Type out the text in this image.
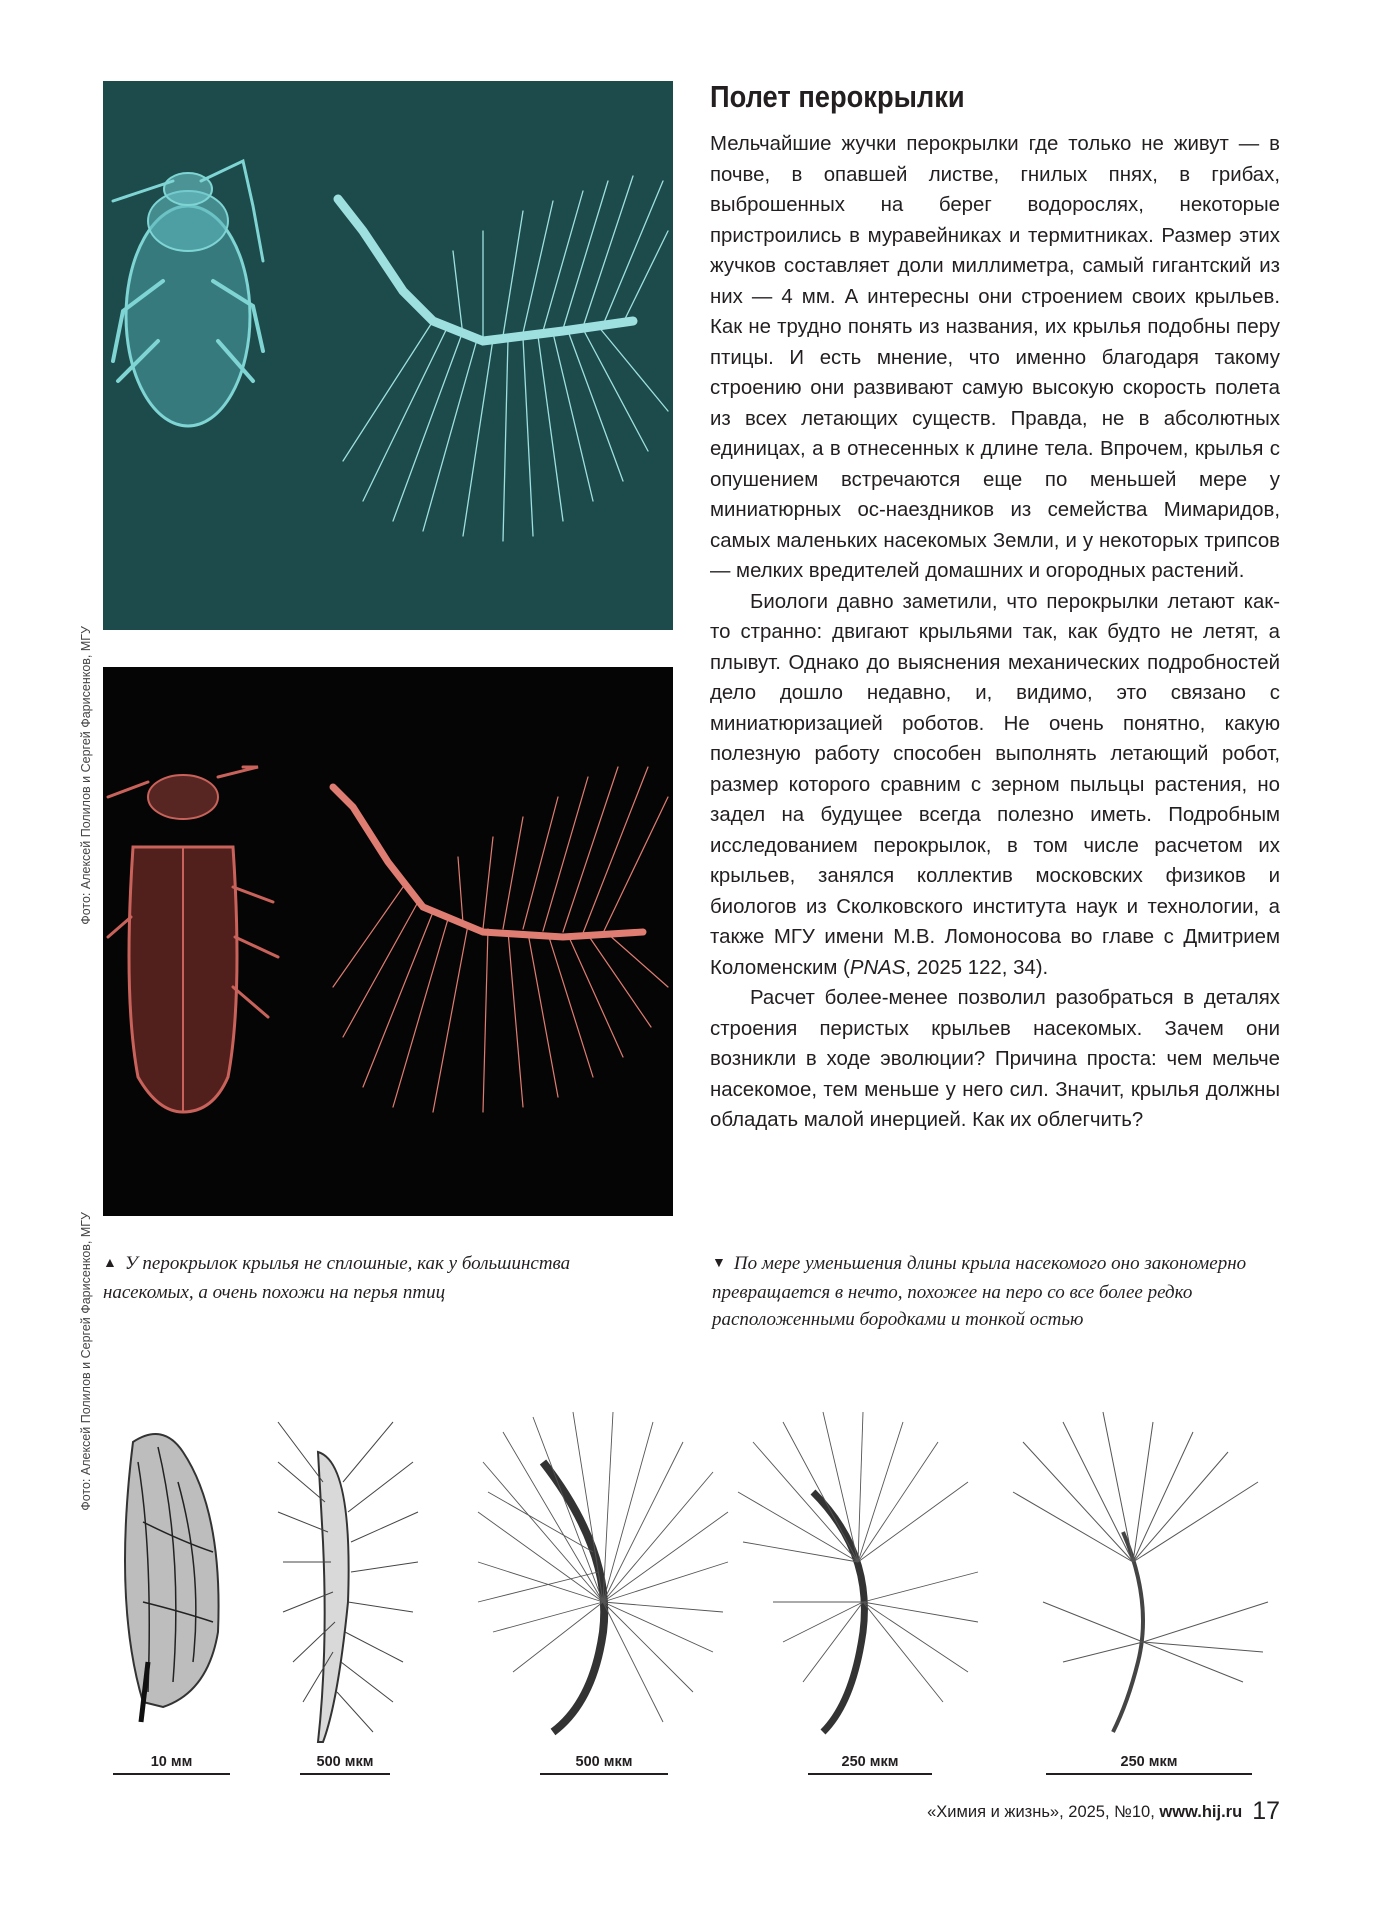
Фото: Алексей Полилов и Сергей Фарисенков, МГУ
Фото: Алексей Полилов и Сергей Фарисенков, МГУ
Полет перокрылки

Мельчайшие жучки перокрылки где только не живут — в почве, в опавшей листве, гнилых пнях, в грибах, выброшенных на берег водорослях, некоторые пристроились в муравейниках и термитниках. Размер этих жучков составляет доли миллиметра, самый гигантский из них — 4 мм. А интересны они строением своих крыльев. Как не трудно понять из названия, их крылья подобны перу птицы. И есть мнение, что именно благодаря такому строению они развивают самую высокую скорость полета из всех летающих существ. Правда, не в абсолютных единицах, а в отнесенных к длине тела. Впрочем, крылья с опушением встречаются еще по меньшей мере у миниатюрных ос-наездников из семейства Мимаридов, самых маленьких насекомых Земли, и у некоторых трипсов — мелких вредителей домашних и огородных растений.

Биологи давно заметили, что перокрылки летают как-то странно: двигают крыльями так, как будто не летят, а плывут. Однако до выяснения механических подробностей дело дошло недавно, и, видимо, это связано с миниатюризацией роботов. Не очень понятно, какую полезную работу способен выполнять летающий робот, размер которого сравним с зерном пыльцы растения, но задел на будущее всегда полезно иметь. Подробным исследованием перокрылок, в том числе расчетом их крыльев, занялся коллектив московских физиков и биологов из Сколковского института наук и технологии, а также МГУ имени М.В. Ломоносова во главе с Дмитрием Коломенским (PNAS, 2025 122, 34).

Расчет более-менее позволил разобраться в деталях строения перистых крыльев насекомых. Зачем они возникли в ходе эволюции? Причина проста: чем мельче насекомое, тем меньше у него сил. Значит, крылья должны обладать малой инерцией. Как их облегчить?

▲ У перокрылок крылья не сплошные, как у большинства насекомых, а очень похожи на перья птиц
▼ По мере уменьшения длины крыла насекомого оно закономерно превращается в нечто, похожее на перо со все более редко расположенными бородками и тонкой остью
10 мм	500 мкм	500 мкм	250 мкм	250 мкм
«Химия и жизнь», 2025, №10, www.hij.ru 17
